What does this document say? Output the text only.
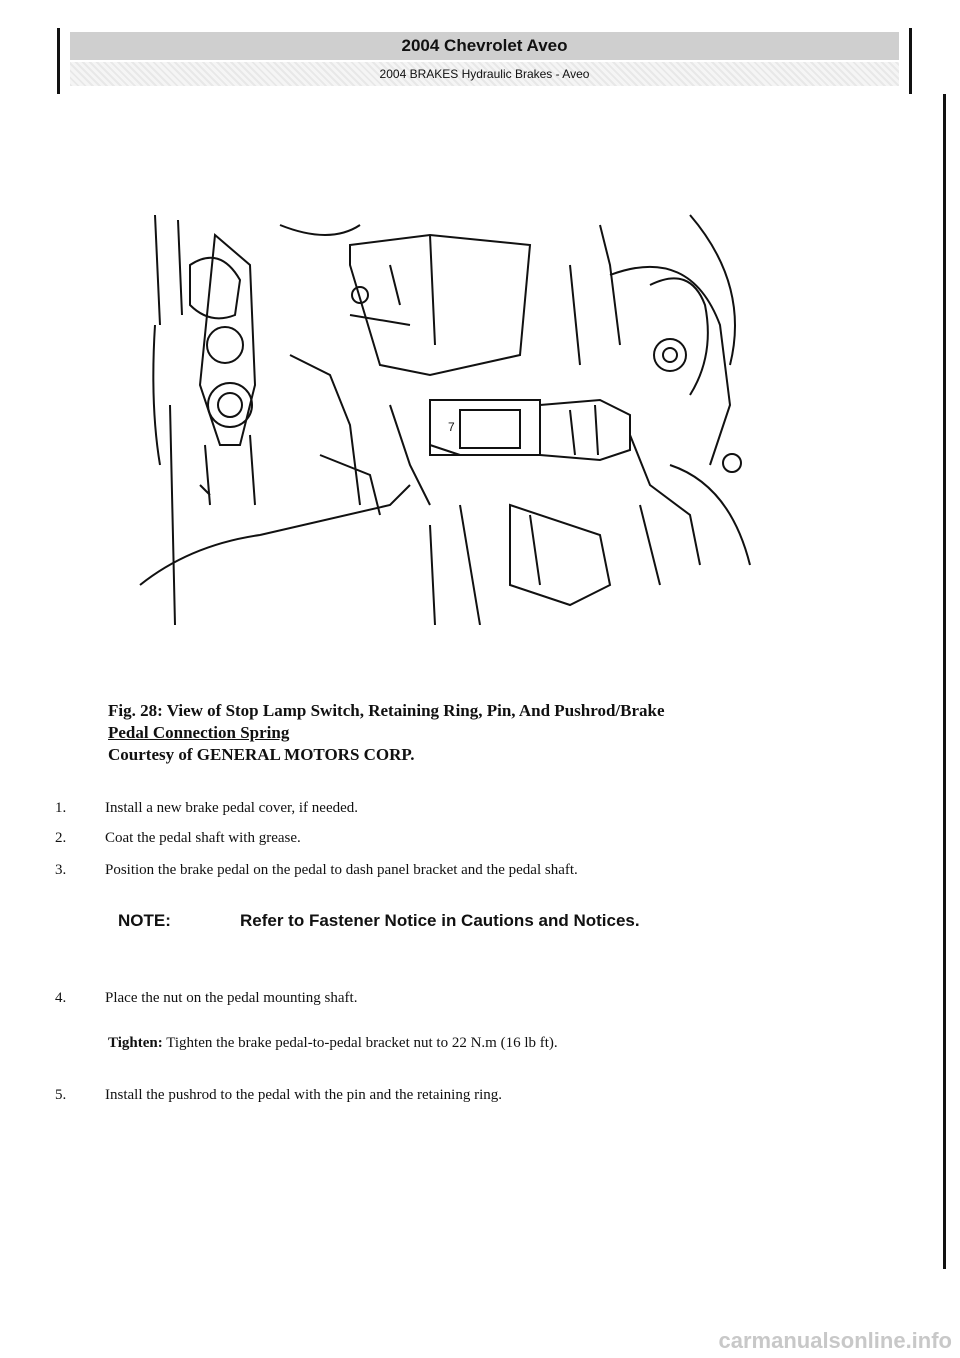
2004 Chevrolet Aveo
2004 BRAKES Hydraulic Brakes - Aveo
7
Fig. 28: View of Stop Lamp Switch, Retaining Ring, Pin, And Pushrod/Brake
Pedal Connection Spring
Courtesy of GENERAL MOTORS CORP.
1.	Install a new brake pedal cover, if needed.
2.	Coat the pedal shaft with grease.
3.	Position the brake pedal on the pedal to dash panel bracket and the pedal shaft.
NOTE:	Refer to Fastener Notice in Cautions and Notices.
4.	Place the nut on the pedal mounting shaft.
Tighten: Tighten the brake pedal-to-pedal bracket nut to 22 N.m (16 lb ft).
5.	Install the pushrod to the pedal with the pin and the retaining ring.
carmanualsonline.info
